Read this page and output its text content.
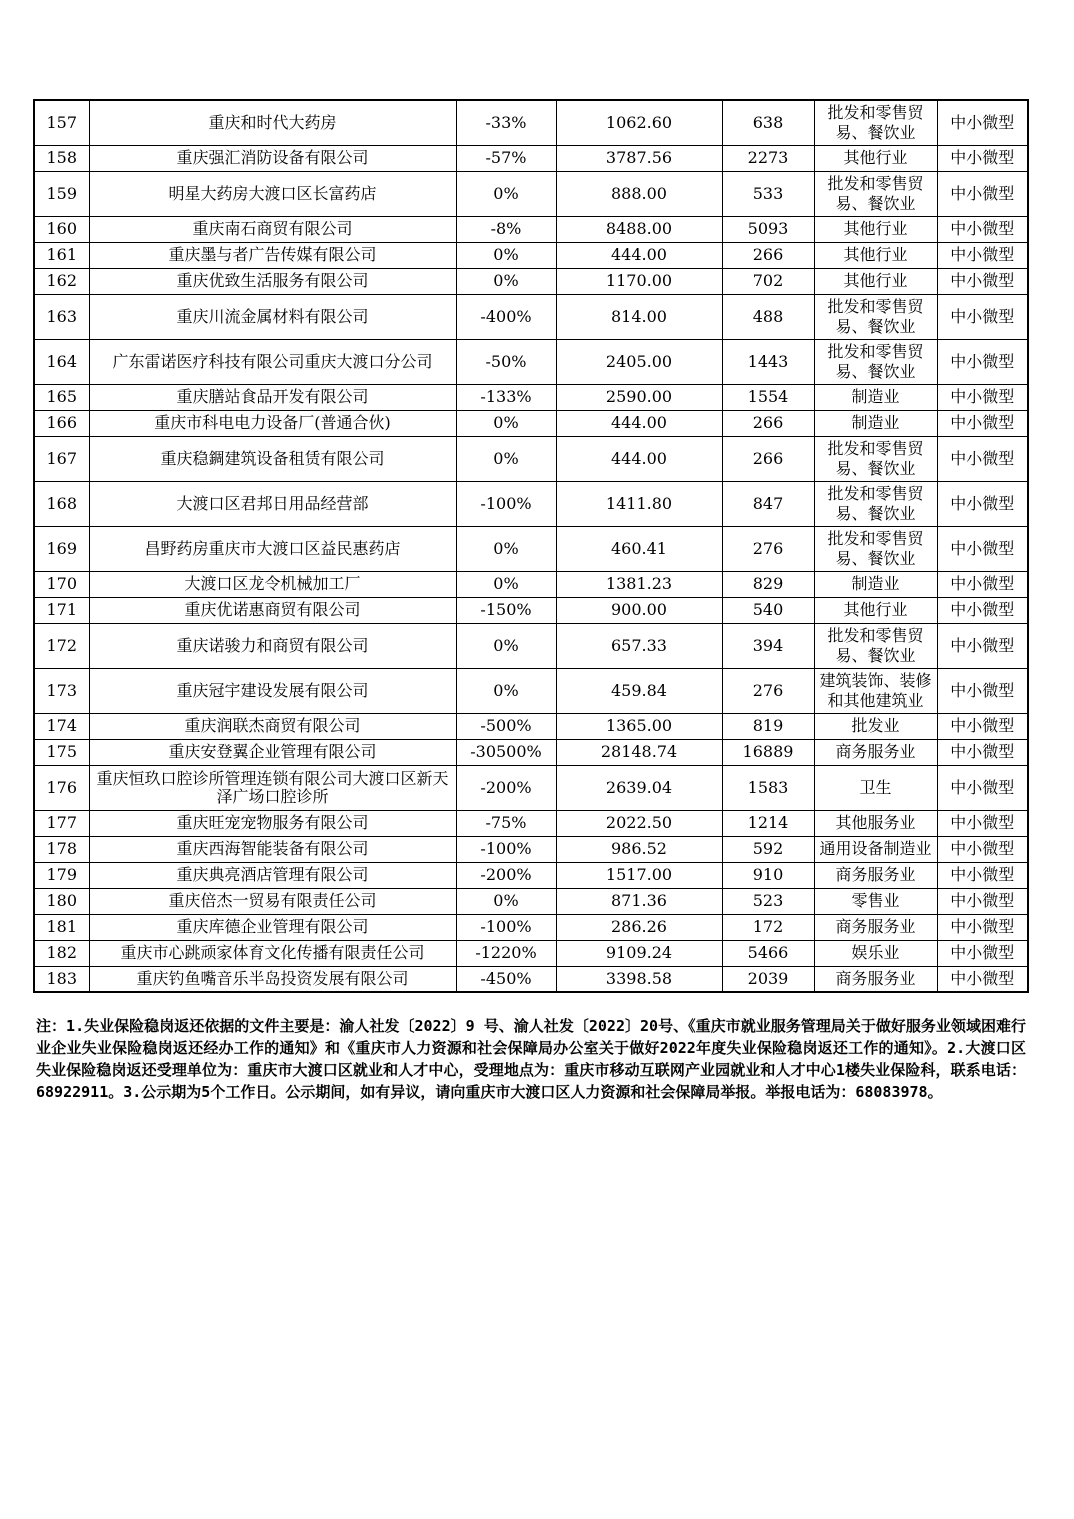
157	重庆和时代大药房	-33%	1062.60	638	批发和零售贸易、餐饮业	中小微型
158	重庆强汇消防设备有限公司	-57%	3787.56	2273	其他行业	中小微型
159	明星大药房大渡口区长富药店	0%	888.00	533	批发和零售贸易、餐饮业	中小微型
160	重庆南石商贸有限公司	-8%	8488.00	5093	其他行业	中小微型
161	重庆墨与者广告传媒有限公司	0%	444.00	266	其他行业	中小微型
162	重庆优致生活服务有限公司	0%	1170.00	702	其他行业	中小微型
163	重庆川流金属材料有限公司	-400%	814.00	488	批发和零售贸易、餐饮业	中小微型
164	广东雷诺医疗科技有限公司重庆大渡口分公司	-50%	2405.00	1443	批发和零售贸易、餐饮业	中小微型
165	重庆膳站食品开发有限公司	-133%	2590.00	1554	制造业	中小微型
166	重庆市科电电力设备厂(普通合伙)	0%	444.00	266	制造业	中小微型
167	重庆稳錭建筑设备租赁有限公司	0%	444.00	266	批发和零售贸易、餐饮业	中小微型
168	大渡口区君邦日用品经营部	-100%	1411.80	847	批发和零售贸易、餐饮业	中小微型
169	昌野药房重庆市大渡口区益民惠药店	0%	460.41	276	批发和零售贸易、餐饮业	中小微型
170	大渡口区龙令机械加工厂	0%	1381.23	829	制造业	中小微型
171	重庆优诺惠商贸有限公司	-150%	900.00	540	其他行业	中小微型
172	重庆诺骏力和商贸有限公司	0%	657.33	394	批发和零售贸易、餐饮业	中小微型
173	重庆冠宇建设发展有限公司	0%	459.84	276	建筑装饰、装修和其他建筑业	中小微型
174	重庆润联杰商贸有限公司	-500%	1365.00	819	批发业	中小微型
175	重庆安登翼企业管理有限公司	-30500%	28148.74	16889	商务服务业	中小微型
176	重庆恒玖口腔诊所管理连锁有限公司大渡口区新天泽广场口腔诊所	-200%	2639.04	1583	卫生	中小微型
177	重庆旺宠宠物服务有限公司	-75%	2022.50	1214	其他服务业	中小微型
178	重庆西海智能装备有限公司	-100%	986.52	592	通用设备制造业	中小微型
179	重庆典亮酒店管理有限公司	-200%	1517.00	910	商务服务业	中小微型
180	重庆倍杰一贸易有限责任公司	0%	871.36	523	零售业	中小微型
181	重庆库德企业管理有限公司	-100%	286.26	172	商务服务业	中小微型
182	重庆市心跳顽家体育文化传播有限责任公司	-1220%	9109.24	5466	娱乐业	中小微型
183	重庆钓鱼嘴音乐半岛投资发展有限公司	-450%	3398.58	2039	商务服务业	中小微型

注：1.失业保险稳岗返还依据的文件主要是：渝人社发〔2022〕9 号、渝人社发〔2022〕20号、《重庆市就业服务管理局关于做好服务业领域困难行业企业失业保险稳岗返还经办工作的通知》和《重庆市人力资源和社会保障局办公室关于做好2022年度失业保险稳岗返还工作的通知》。2.大渡口区失业保险稳岗返还受理单位为：重庆市大渡口区就业和人才中心，受理地点为：重庆市移动互联网产业园就业和人才中心1楼失业保险科，联系电话：68922911。3.公示期为5个工作日。公示期间，如有异议，请向重庆市大渡口区人力资源和社会保障局举报。举报电话为：68083978。
